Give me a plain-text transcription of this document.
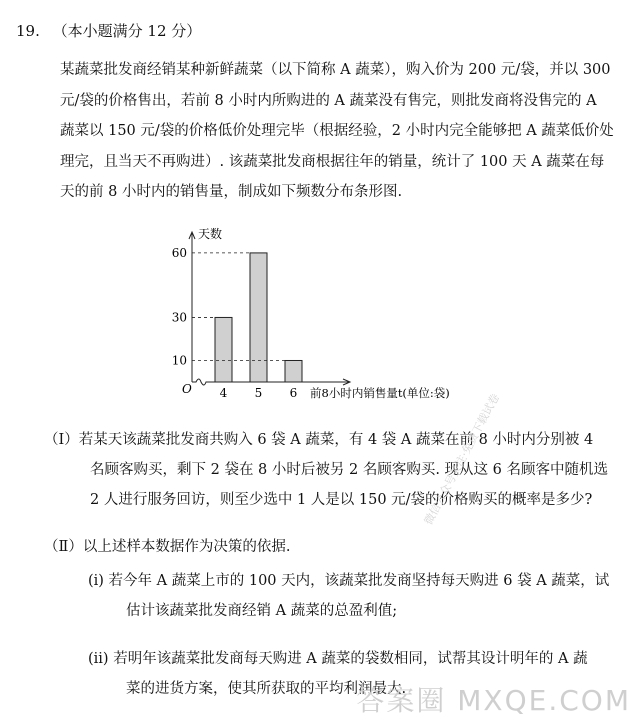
19. （本小题满分 12 分）

某蔬菜批发商经销某种新鲜蔬菜（以下简称 A 蔬菜），购入价为 200 元/袋，并以 300

元/袋的价格售出，若前 8 小时内所购进的 A 蔬菜没有售完，则批发商将没售完的 A

蔬菜以 150 元/袋的价格低价处理完毕（根据经验，2 小时内完全能够把 A 蔬菜低价处

理完，且当天不再购进）. 该蔬菜批发商根据往年的销量，统计了 100 天 A 蔬菜在每

天的前 8 小时内的销售量，制成如下频数分布条形图.

天数
O	前8小时内销售量t(单位:袋)
4 5 6
10
30
60
（Ⅰ）若某天该蔬菜批发商共购入 6 袋 A 蔬菜，有 4 袋 A 蔬菜在前 8 小时内分别被 4
名顾客购买，剩下 2 袋在 8 小时后被另 2 名顾客购买. 现从这 6 名顾客中随机选
2 人进行服务回访，则至少选中 1 人是以 150 元/袋的价格购买的概率是多少?
（Ⅱ）以上述样本数据作为决策的依据.
(i) 若今年 A 蔬菜上市的 100 天内，该蔬菜批发商坚持每天购进 6 袋 A 蔬菜，试
估计该蔬菜批发商经销 A 蔬菜的总盈利值;
(ii) 若明年该蔬菜批发商每天购进 A 蔬菜的袋数相同，试帮其设计明年的 A 蔬
菜的进货方案，使其所获取的平均利润最大.
微信公众号关注·免费下载试卷
答案圈 MXQE.COM
